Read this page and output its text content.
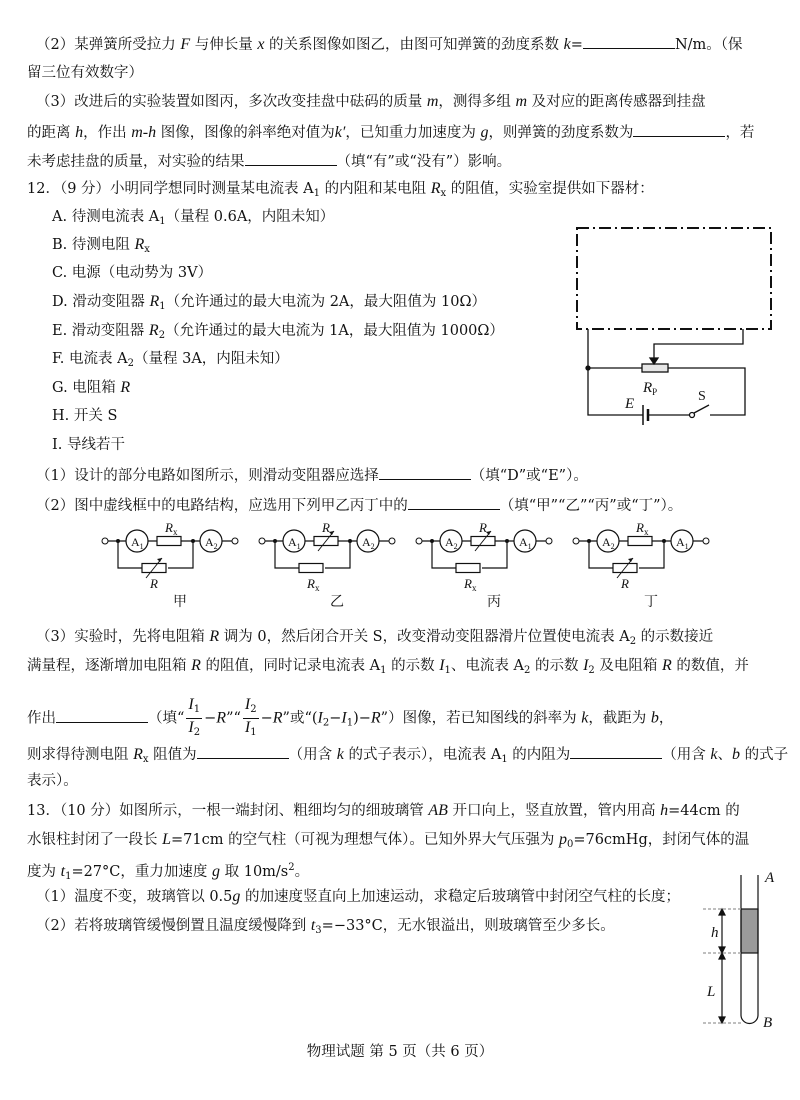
（2）某弹簧所受拉力 F 与伸长量 x 的关系图像如图乙，由图可知弹簧的劲度系数 k=	N/m。（保
留三位有效数字）
（3）改进后的实验装置如图丙，多次改变挂盘中砝码的质量 m，测得多组 m 及对应的距离传感器到挂盘
的距离 h，作出 m-h 图像，图像的斜率绝对值为k′，已知重力加速度为 g，则弹簧的劲度系数为	，若
未考虑挂盘的质量，对实验的结果	（填“有”或“没有”）影响。
12．（9 分）小明同学想同时测量某电流表 $A_1$ 的内阻和某电阻 $R_x$ 的阻值，实验室提供如下器材：
A. 待测电流表 $A_1$（量程 0.6A，内阻未知）
B. 待测电阻 $R_x$
C. 电源（电动势为 3V）
D. 滑动变阻器 $R_1$（允许通过的最大电流为 2A，最大阻值为 10Ω）
E. 滑动变阻器 $R_2$（允许通过的最大电流为 1A，最大阻值为 1000Ω）
F. 电流表 $A_2$（量程 3A，内阻未知）
G. 电阻箱 R
H. 开关 S
I. 导线若干
（1）设计的部分电路如图所示，则滑动变阻器应选择	（填“D”或“E”）。
（2）图中虚线框中的电路结构，应选用下列甲乙丙丁中的	（填“甲”“乙”“丙”或“丁”）。
（3）实验时，先将电阻箱 R 调为 0，然后闭合开关 S，改变滑动变阻器滑片位置使电流表 $A_2$ 的示数接近
满量程，逐渐增加电阻箱 R 的阻值，同时记录电流表 $A_1$ 的示数 $I_1$、电流表 $A_2$ 的示数 $I_2$ 及电阻箱 R 的数值，并
作出	（填“ $\frac{I_1}{I_2}$ −R”“ $\frac{I_2}{I_1} -R$”或“$(I_2-I_1)-R$”）图像，若已知图线的斜率为 k，截距为 b，
则求得待测电阻 $R_x$ 阻值为	（用含 k 的式子表示），电流表 $A_1$ 的内阻为	（用含 k、b 的式子
表示）。
13．（10 分）如图所示，一根一端封闭、粗细均匀的细玻璃管 AB 开口向上，竖直放置，管内用高 h=44cm 的
水银柱封闭了一段长 L=71cm 的空气柱（可视为理想气体）。已知外界大气压强为 $p_0=76cmHg$，封闭气体的温
度为 $t_1=27^\circ C$，重力加速度 g 取 $10m/s^2$。
（1）温度不变，玻璃管以 0.5g 的加速度竖直向上加速运动，求稳定后玻璃管中封闭空气柱的长度；
（2）若将玻璃管缓慢倒置且温度缓慢降到 $t_3=-33^\circ C$，无水银溢出，则玻璃管至少多长。
$R_P$
E	S
$A_1$	$A_2$
$R_x$
R
甲
$A_1$	$A_2$
R
$R_x$
乙
$A_2$	$A_1$
R
$R_x$
丙
$A_2$	$A_1$
$R_x$
R
丁
A
B
h
L
物理试题 第 5 页（共 6 页）
